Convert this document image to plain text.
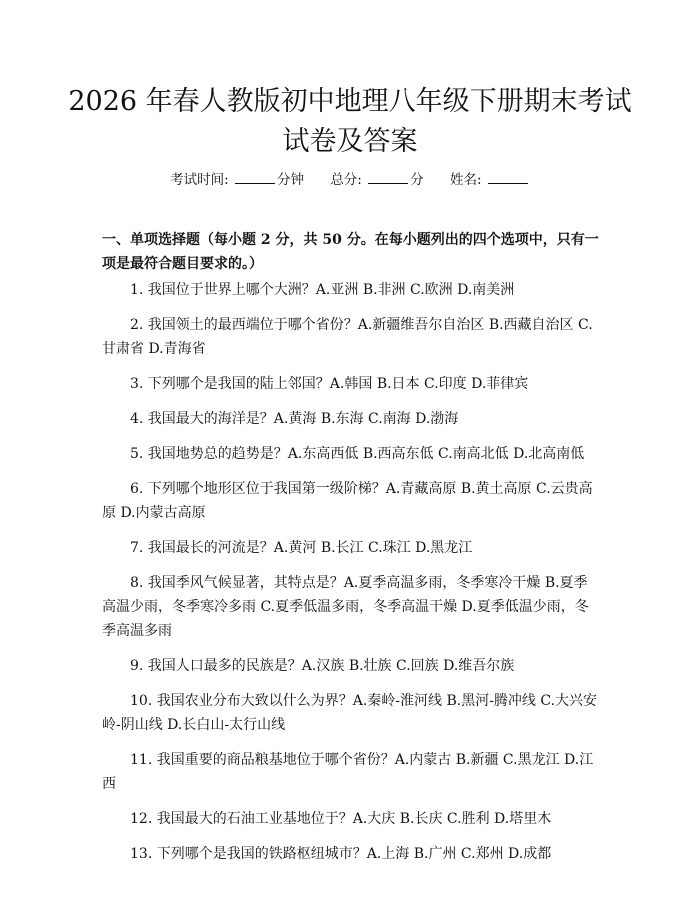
2026 年春人教版初中地理八年级下册期末考试试卷及答案
考试时间:	分钟 总分:	分 姓名:
一、单项选择题（每小题 2 分，共 50 分。在每小题列出的四个选项中，只有一项是最符合题目要求的。）

1. 我国位于世界上哪个大洲？A.亚洲 B.非洲 C.欧洲 D.南美洲

2. 我国领土的最西端位于哪个省份？A.新疆维吾尔自治区 B.西藏自治区 C.甘肃省 D.青海省

3. 下列哪个是我国的陆上邻国？A.韩国 B.日本 C.印度 D.菲律宾

4. 我国最大的海洋是？A.黄海 B.东海 C.南海 D.渤海

5. 我国地势总的趋势是？A.东高西低 B.西高东低 C.南高北低 D.北高南低

6. 下列哪个地形区位于我国第一级阶梯？A.青藏高原 B.黄土高原 C.云贵高原 D.内蒙古高原

7. 我国最长的河流是？A.黄河 B.长江 C.珠江 D.黑龙江

8. 我国季风气候显著，其特点是？A.夏季高温多雨，冬季寒冷干燥 B.夏季高温少雨，冬季寒冷多雨 C.夏季低温多雨，冬季高温干燥 D.夏季低温少雨，冬季高温多雨

9. 我国人口最多的民族是？A.汉族 B.壮族 C.回族 D.维吾尔族

10. 我国农业分布大致以什么为界？A.秦岭-淮河线 B.黑河-腾冲线 C.大兴安岭-阴山线 D.长白山-太行山线

11. 我国重要的商品粮基地位于哪个省份？A.内蒙古 B.新疆 C.黑龙江 D.江西

12. 我国最大的石油工业基地位于？A.大庆 B.长庆 C.胜利 D.塔里木

13. 下列哪个是我国的铁路枢纽城市？A.上海 B.广州 C.郑州 D.成都
